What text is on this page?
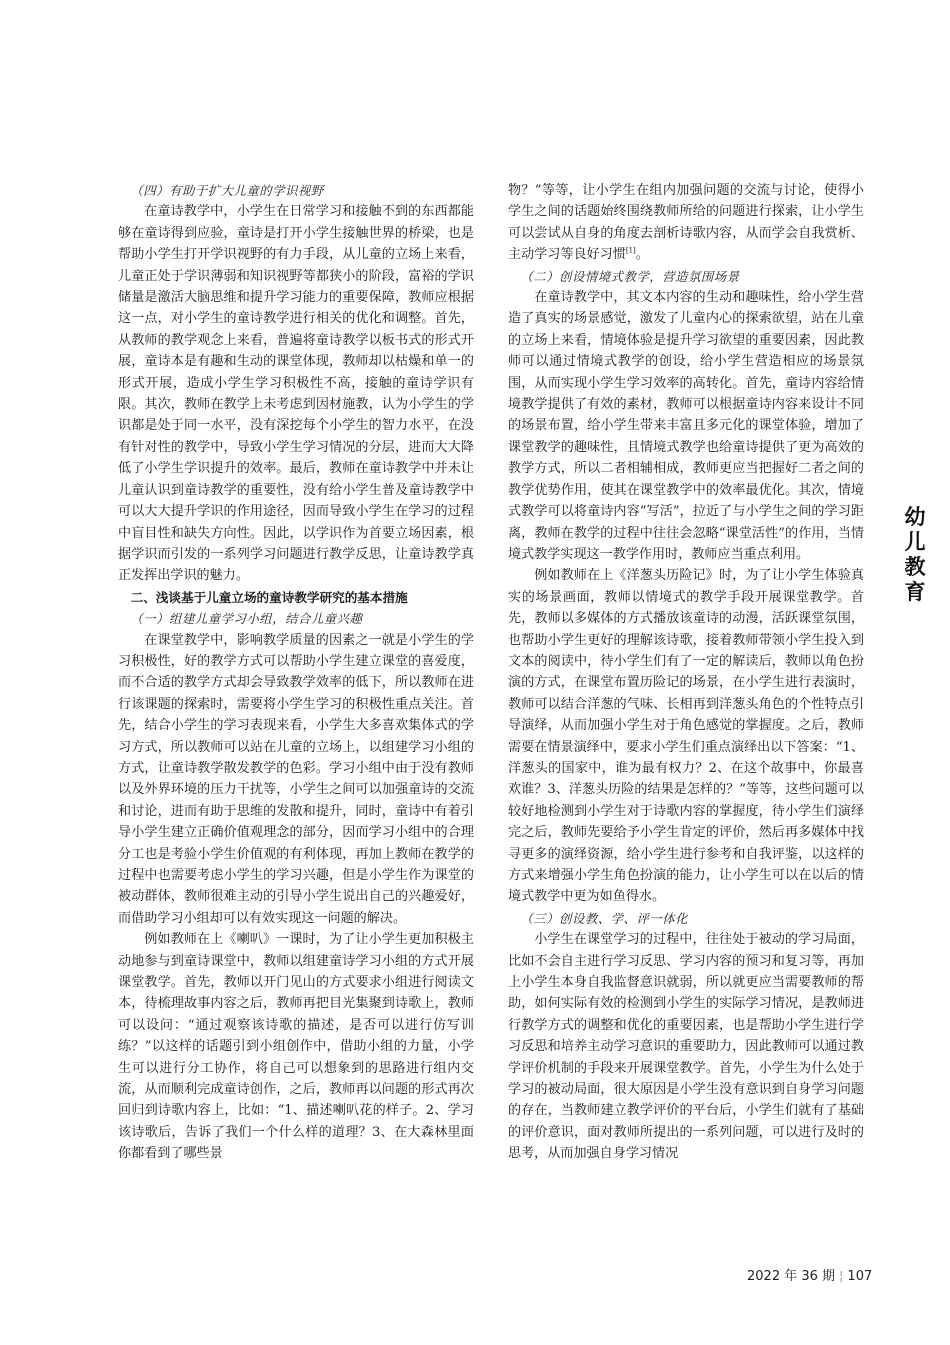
（四）有助于扩大儿童的学识视野

在童诗教学中，小学生在日常学习和接触不到的东西都能够在童诗得到应验，童诗是打开小学生接触世界的桥梁，也是帮助小学生打开学识视野的有力手段，从儿童的立场上来看，儿童正处于学识薄弱和知识视野等都狭小的阶段，富裕的学识储量是激活大脑思维和提升学习能力的重要保障，教师应根据这一点，对小学生的童诗教学进行相关的优化和调整。首先，从教师的教学观念上来看，普遍将童诗教学以板书式的形式开展，童诗本是有趣和生动的课堂体现，教师却以枯燥和单一的形式开展，造成小学生学习积极性不高，接触的童诗学识有限。其次，教师在教学上未考虑到因材施教，认为小学生的学识都是处于同一水平，没有深挖每个小学生的智力水平，在没有针对性的教学中，导致小学生学习情况的分层，进而大大降低了小学生学识提升的效率。最后，教师在童诗教学中并未让儿童认识到童诗教学的重要性，没有给小学生普及童诗教学中可以大大提升学识的作用途径，因而导致小学生在学习的过程中盲目性和缺失方向性。因此，以学识作为首要立场因素，根据学识而引发的一系列学习问题进行教学反思，让童诗教学真正发挥出学识的魅力。

二、浅谈基于儿童立场的童诗教学研究的基本措施

（一）组建儿童学习小组，结合儿童兴趣

在课堂教学中，影响教学质量的因素之一就是小学生的学习积极性，好的教学方式可以帮助小学生建立课堂的喜爱度，而不合适的教学方式却会导致教学效率的低下，所以教师在进行该课题的探索时，需要将小学生学习的积极性重点关注。首先，结合小学生的学习表现来看，小学生大多喜欢集体式的学习方式，所以教师可以站在儿童的立场上，以组建学习小组的方式，让童诗教学散发教学的色彩。学习小组中由于没有教师以及外界环境的压力干扰等，小学生之间可以加强童诗的交流和讨论，进而有助于思维的发散和提升，同时，童诗中有着引导小学生建立正确价值观理念的部分，因而学习小组中的合理分工也是考验小学生价值观的有利体现，再加上教师在教学的过程中也需要考虑小学生的学习兴趣，但是小学生作为课堂的被动群体，教师很难主动的引导小学生说出自己的兴趣爱好，而借助学习小组却可以有效实现这一问题的解决。

例如教师在上《喇叭》一课时，为了让小学生更加积极主动地参与到童诗课堂中，教师以组建童诗学习小组的方式开展课堂教学。首先，教师以开门见山的方式要求小组进行阅读文本，待梳理故事内容之后，教师再把目光集聚到诗歌上，教师可以设问：“通过观察该诗歌的描述，是否可以进行仿写训练？”以这样的话题引到小组创作中，借助小组的力量，小学生可以进行分工协作，将自己可以想象到的思路进行组内交流，从而顺利完成童诗创作，之后，教师再以问题的形式再次回归到诗歌内容上，比如：“1、描述喇叭花的样子。2、学习该诗歌后，告诉了我们一个什么样的道理？3、在大森林里面你都看到了哪些景

物？”等等，让小学生在组内加强问题的交流与讨论，使得小学生之间的话题始终围绕教师所给的问题进行探索，让小学生可以尝试从自身的角度去剖析诗歌内容，从而学会自我赏析、主动学习等良好习惯[1]。

（二）创设情境式教学，营造氛围场景

在童诗教学中，其文本内容的生动和趣味性，给小学生营造了真实的场景感觉，激发了儿童内心的探索欲望，站在儿童的立场上来看，情境体验是提升学习欲望的重要因素，因此教师可以通过情境式教学的创设，给小学生营造相应的场景氛围，从而实现小学生学习效率的高转化。首先，童诗内容给情境教学提供了有效的素材，教师可以根据童诗内容来设计不同的场景布置，给小学生带来丰富且多元化的课堂体验，增加了课堂教学的趣味性，且情境式教学也给童诗提供了更为高效的教学方式，所以二者相辅相成，教师更应当把握好二者之间的教学优势作用，使其在课堂教学中的效率最优化。其次，情境式教学可以将童诗内容“写活”，拉近了与小学生之间的学习距离，教师在教学的过程中往往会忽略“课堂活性”的作用，当情境式教学实现这一教学作用时，教师应当重点利用。

例如教师在上《洋葱头历险记》时，为了让小学生体验真实的场景画面，教师以情境式的教学手段开展课堂教学。首先，教师以多媒体的方式播放该童诗的动漫，活跃课堂氛围，也帮助小学生更好的理解该诗歌，接着教师带领小学生投入到文本的阅读中，待小学生们有了一定的解读后，教师以角色扮演的方式，在课堂布置历险记的场景，在小学生进行表演时，教师可以结合洋葱的气味、长相再到洋葱头角色的个性特点引导演绎，从而加强小学生对于角色感觉的掌握度。之后，教师需要在情景演绎中，要求小学生们重点演绎出以下答案：“1、洋葱头的国家中，谁为最有权力？2、在这个故事中，你最喜欢谁？3、洋葱头历险的结果是怎样的？”等等，这些问题可以较好地检测到小学生对于诗歌内容的掌握度，待小学生们演绎完之后，教师先要给予小学生肯定的评价，然后再多媒体中找寻更多的演绎资源，给小学生进行参考和自我评鉴，以这样的方式来增强小学生角色扮演的能力，让小学生可以在以后的情境式教学中更为如鱼得水。

（三）创设教、学、评一体化

小学生在课堂学习的过程中，往往处于被动的学习局面，比如不会自主进行学习反思、学习内容的预习和复习等，再加上小学生本身自我监督意识就弱，所以就更应当需要教师的帮助，如何实际有效的检测到小学生的实际学习情况，是教师进行教学方式的调整和优化的重要因素，也是帮助小学生进行学习反思和培养主动学习意识的重要助力，因此教师可以通过教学评价机制的手段来开展课堂教学。首先，小学生为什么处于学习的被动局面，很大原因是小学生没有意识到自身学习问题的存在，当教师建立教学评价的平台后，小学生们就有了基础的评价意识，面对教师所提出的一系列问题，可以进行及时的思考，从而加强自身学习情况

幼
儿
教
育
2022 年 36 期 ¦ 107
